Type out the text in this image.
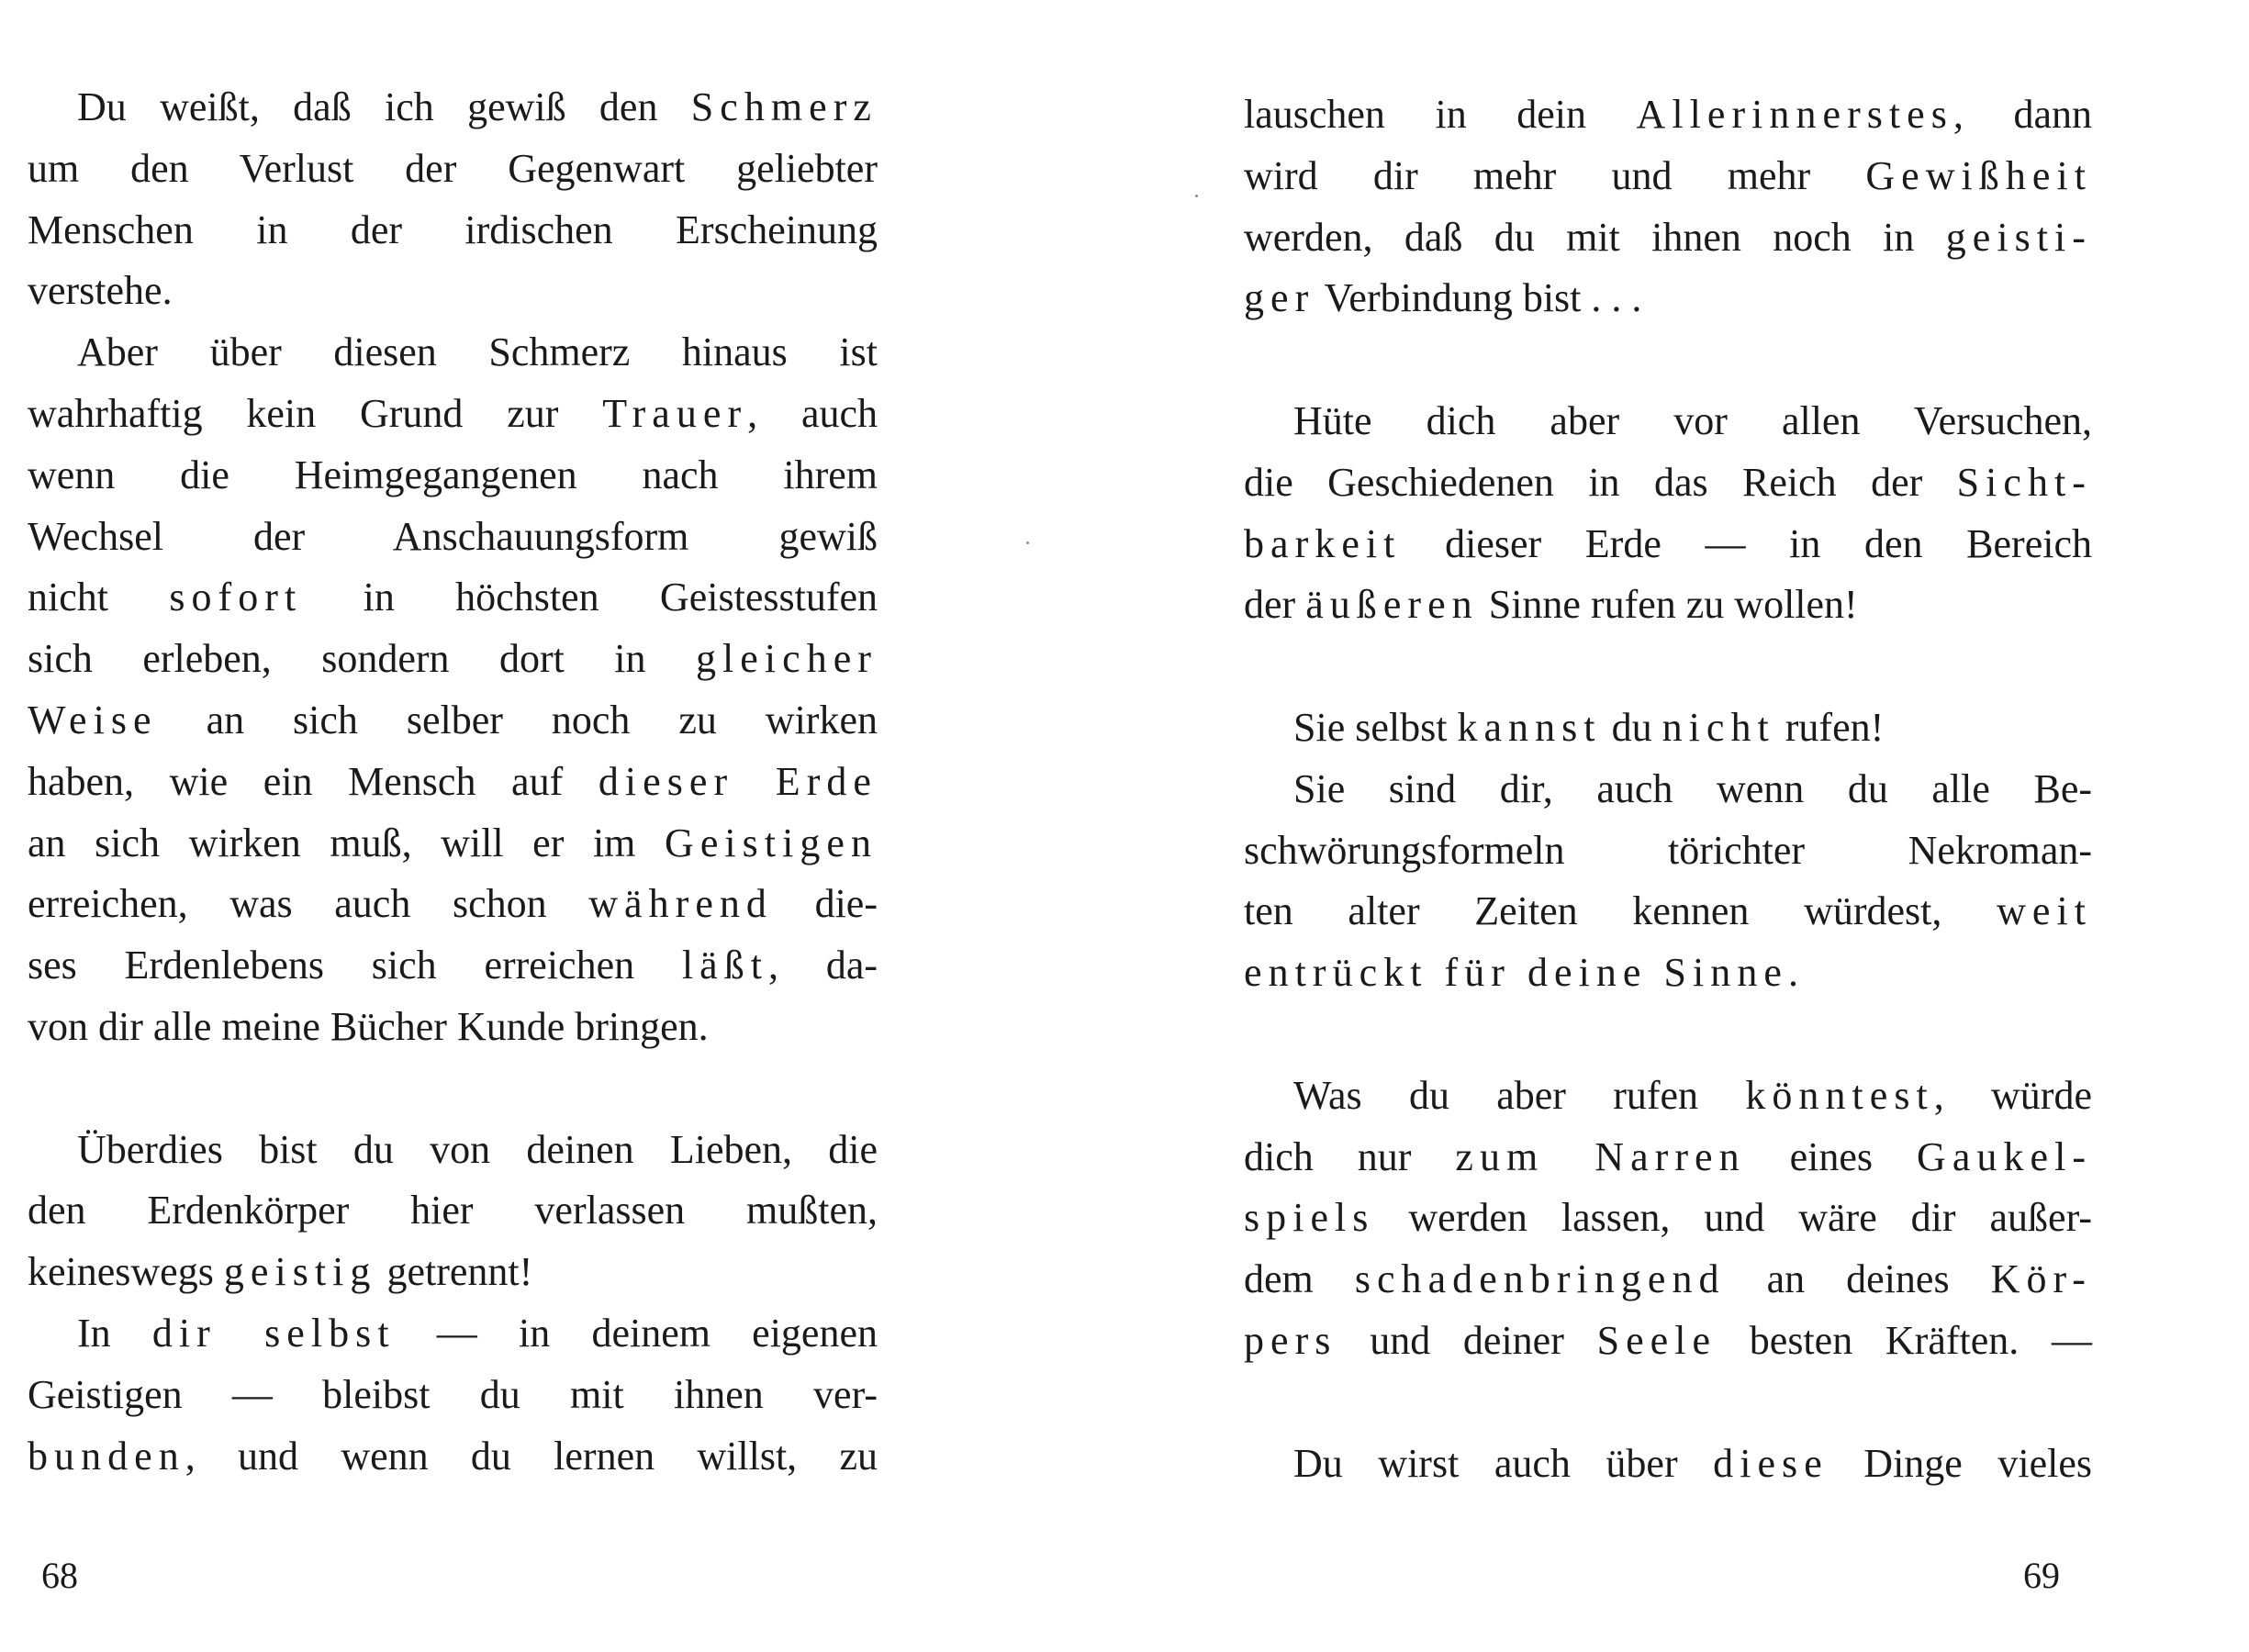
Du weißt, daß ich gewiß den Schmerz
um den Verlust der Gegenwart geliebter
Menschen in der irdischen Erscheinung
verstehe.
Aber über diesen Schmerz hinaus ist
wahrhaftig kein Grund zur Trauer, auch
wenn die Heimgegangenen nach ihrem
Wechsel der Anschauungsform gewiß
nicht sofort in höchsten Geistesstufen
sich erleben, sondern dort in gleicher
Weise an sich selber noch zu wirken
haben, wie ein Mensch auf dieser Erde
an sich wirken muß, will er im Geistigen
erreichen, was auch schon während die-
ses Erdenlebens sich erreichen läßt, da-
von dir alle meine Bücher Kunde bringen.
Überdies bist du von deinen Lieben, die
den Erdenkörper hier verlassen mußten,
keineswegs geistig getrennt!
In dir selbst — in deinem eigenen
Geistigen — bleibst du mit ihnen ver-
bunden, und wenn du lernen willst, zu
68
lauschen in dein Allerinnerstes, dann
wird dir mehr und mehr Gewißheit
werden, daß du mit ihnen noch in geisti-
ger Verbindung bist . . .
Hüte dich aber vor allen Versuchen,
die Geschiedenen in das Reich der Sicht-
barkeit dieser Erde — in den Bereich
der äußeren Sinne rufen zu wollen!
Sie selbst kannst du nicht rufen!
Sie sind dir, auch wenn du alle Be-
schwörungsformeln törichter Nekroman-
ten alter Zeiten kennen würdest, weit
entrückt für deine Sinne.
Was du aber rufen könntest, würde
dich nur zum Narren eines Gaukel-
spiels werden lassen, und wäre dir außer-
dem schadenbringend an deines Kör-
pers und deiner Seele besten Kräften. —
Du wirst auch über diese Dinge vieles
69
